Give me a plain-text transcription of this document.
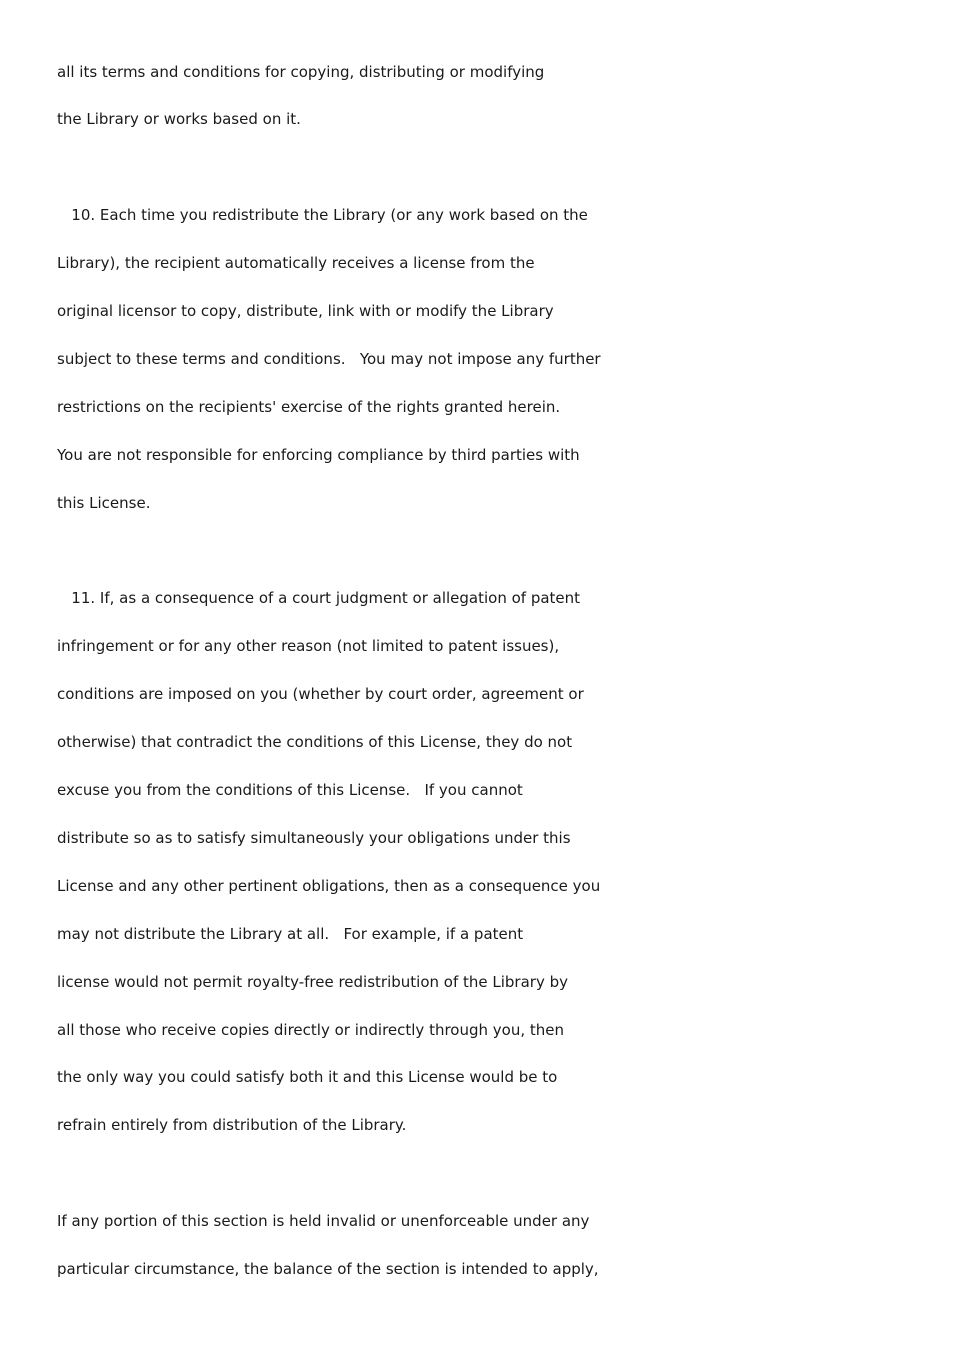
all its terms and conditions for copying, distributing or modifying
the Library or works based on it.
10. Each time you redistribute the Library (or any work based on the
Library), the recipient automatically receives a license from the
original licensor to copy, distribute, link with or modify the Library
subject to these terms and conditions.   You may not impose any further
restrictions on the recipients' exercise of the rights granted herein.
You are not responsible for enforcing compliance by third parties with
this License.
11. If, as a consequence of a court judgment or allegation of patent
infringement or for any other reason (not limited to patent issues),
conditions are imposed on you (whether by court order, agreement or
otherwise) that contradict the conditions of this License, they do not
excuse you from the conditions of this License.   If you cannot
distribute so as to satisfy simultaneously your obligations under this
License and any other pertinent obligations, then as a consequence you
may not distribute the Library at all.   For example, if a patent
license would not permit royalty-free redistribution of the Library by
all those who receive copies directly or indirectly through you, then
the only way you could satisfy both it and this License would be to
refrain entirely from distribution of the Library.
If any portion of this section is held invalid or unenforceable under any
particular circumstance, the balance of the section is intended to apply,
